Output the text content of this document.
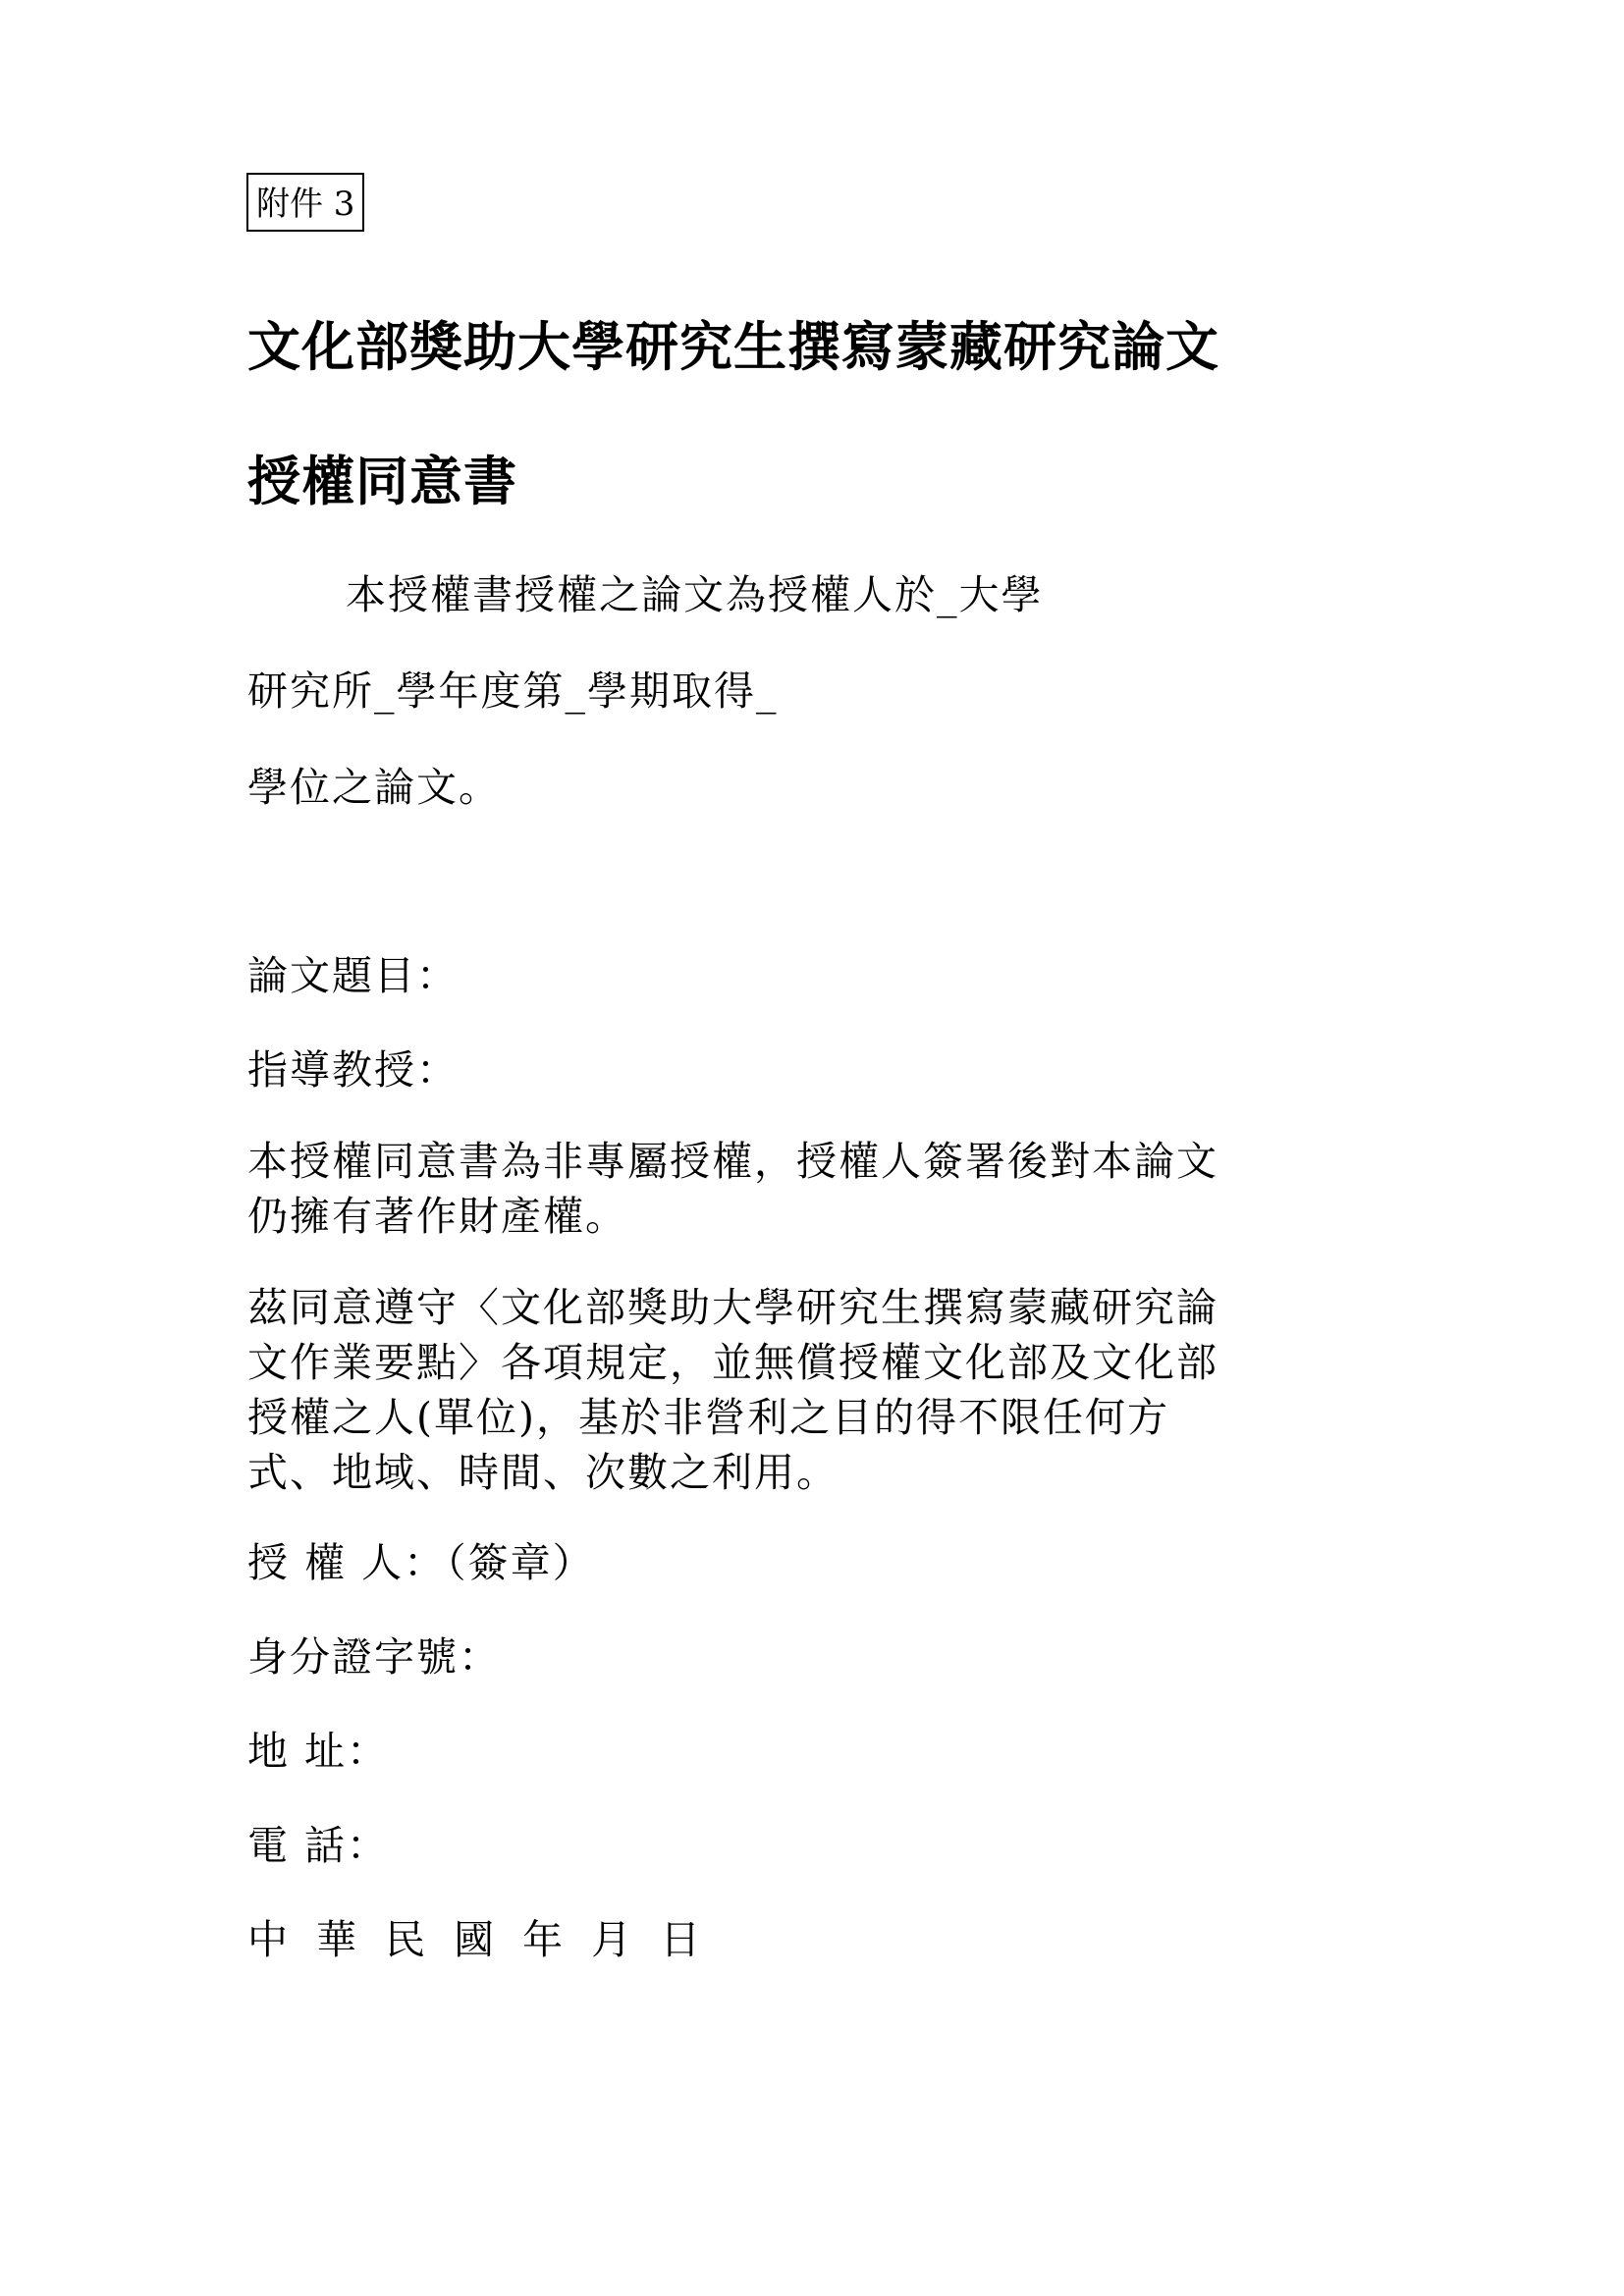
附件 3
文化部獎助大學研究生撰寫蒙藏研究論文
授權同意書
本授權書授權之論文為授權人於_大學
研究所_學年度第_學期取得_
學位之論文。
論文題目：
指導教授：
本授權同意書為非專屬授權，授權人簽署後對本論文
仍擁有著作財產權。
茲同意遵守〈文化部獎助大學研究生撰寫蒙藏研究論
文作業要點〉各項規定，並無償授權文化部及文化部
授權之人(單位)，基於非營利之目的得不限任何方
式、地域、時間、次數之利用。
授 權 人：（簽章）
身分證字號：
地 址：
電 話：
中 華 民 國 年 月 日
